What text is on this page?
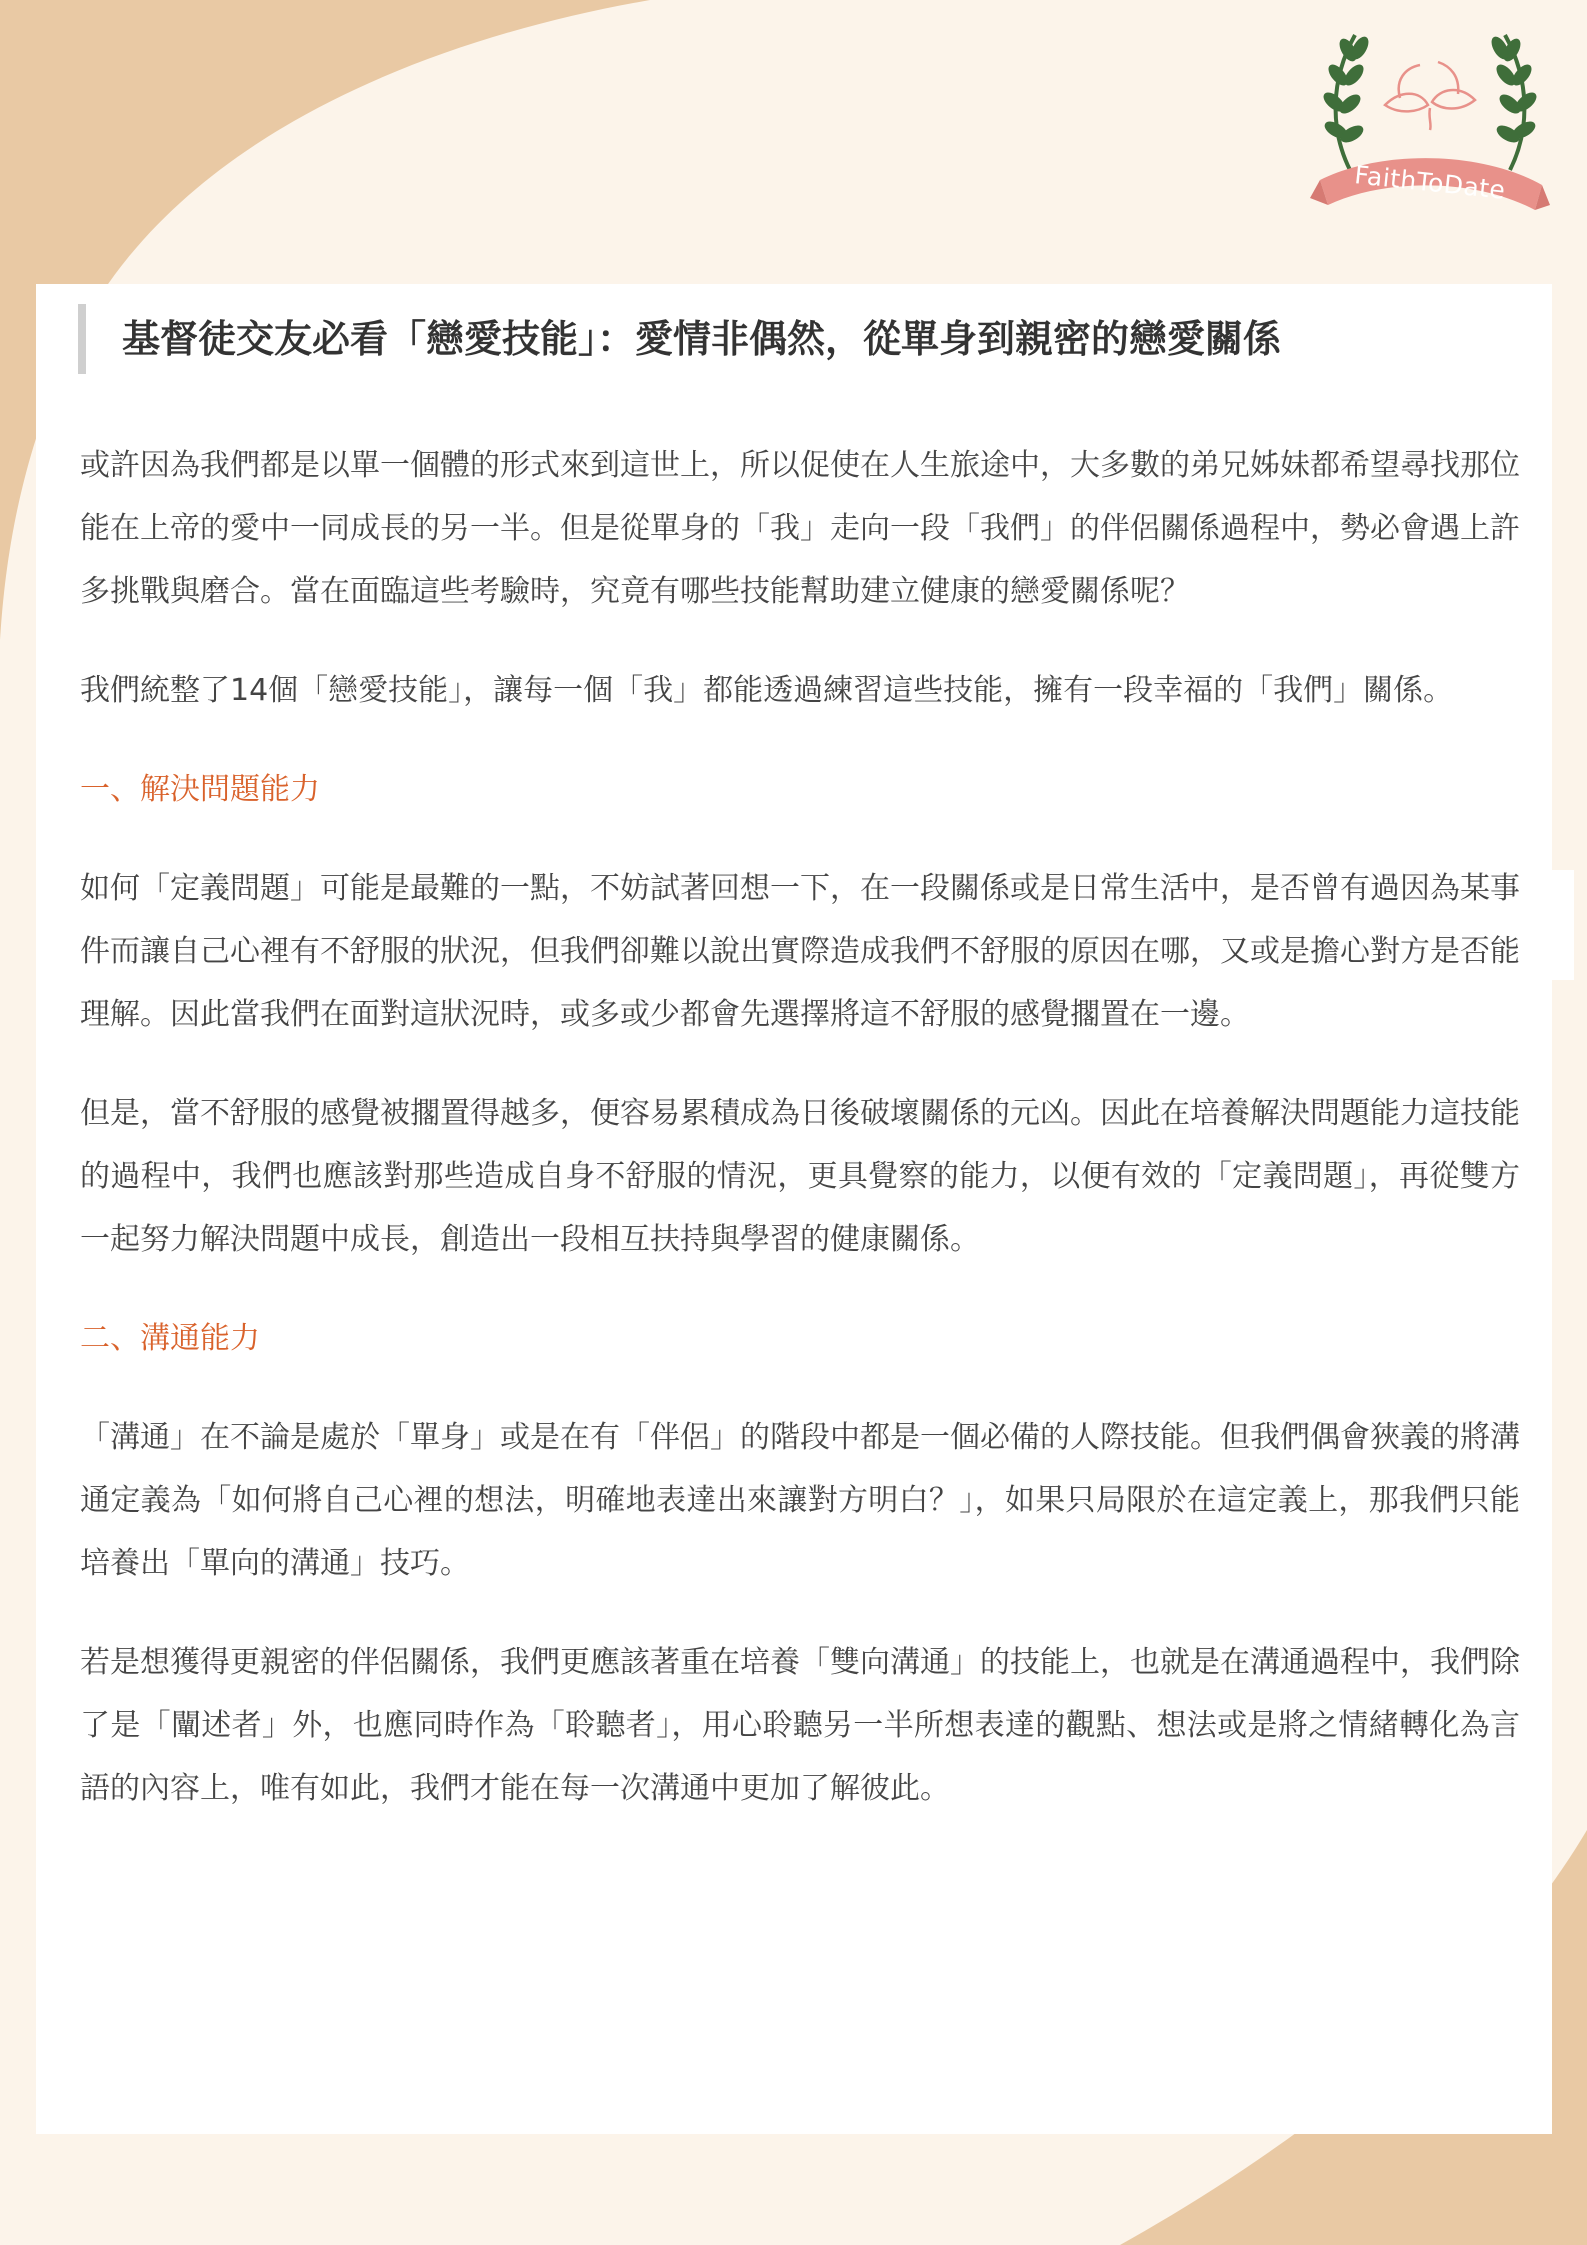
FaithToDate
基督徒交友必看「戀愛技能」：愛情非偶然，從單身到親密的戀愛關係

或許因為我們都是以單一個體的形式來到這世上，所以促使在人生旅途中，大多數的弟兄姊妹都希望尋找那位能在上帝的愛中一同成長的另一半。但是從單身的「我」走向一段「我們」的伴侶關係過程中，勢必會遇上許多挑戰與磨合。當在面臨這些考驗時，究竟有哪些技能幫助建立健康的戀愛關係呢？

我們統整了14個「戀愛技能」，讓每一個「我」都能透過練習這些技能，擁有一段幸福的「我們」關係。

一、解決問題能力

如何「定義問題」可能是最難的一點，不妨試著回想一下，在一段關係或是日常生活中，是否曾有過因為某事件而讓自己心裡有不舒服的狀況，但我們卻難以說出實際造成我們不舒服的原因在哪，又或是擔心對方是否能理解。因此當我們在面對這狀況時，或多或少都會先選擇將這不舒服的感覺擱置在一邊。

但是，當不舒服的感覺被擱置得越多，便容易累積成為日後破壞關係的元凶。因此在培養解決問題能力這技能的過程中，我們也應該對那些造成自身不舒服的情況，更具覺察的能力，以便有效的「定義問題」，再從雙方一起努力解決問題中成長，創造出一段相互扶持與學習的健康關係。

二、溝通能力

「溝通」在不論是處於「單身」或是在有「伴侶」的階段中都是一個必備的人際技能。但我們偶會狹義的將溝通定義為「如何將自己心裡的想法，明確地表達出來讓對方明白？」，如果只局限於在這定義上，那我們只能培養出「單向的溝通」技巧。

若是想獲得更親密的伴侶關係，我們更應該著重在培養「雙向溝通」的技能上，也就是在溝通過程中，我們除了是「闡述者」外，也應同時作為「聆聽者」，用心聆聽另一半所想表達的觀點、想法或是將之情緒轉化為言語的內容上，唯有如此，我們才能在每一次溝通中更加了解彼此。
